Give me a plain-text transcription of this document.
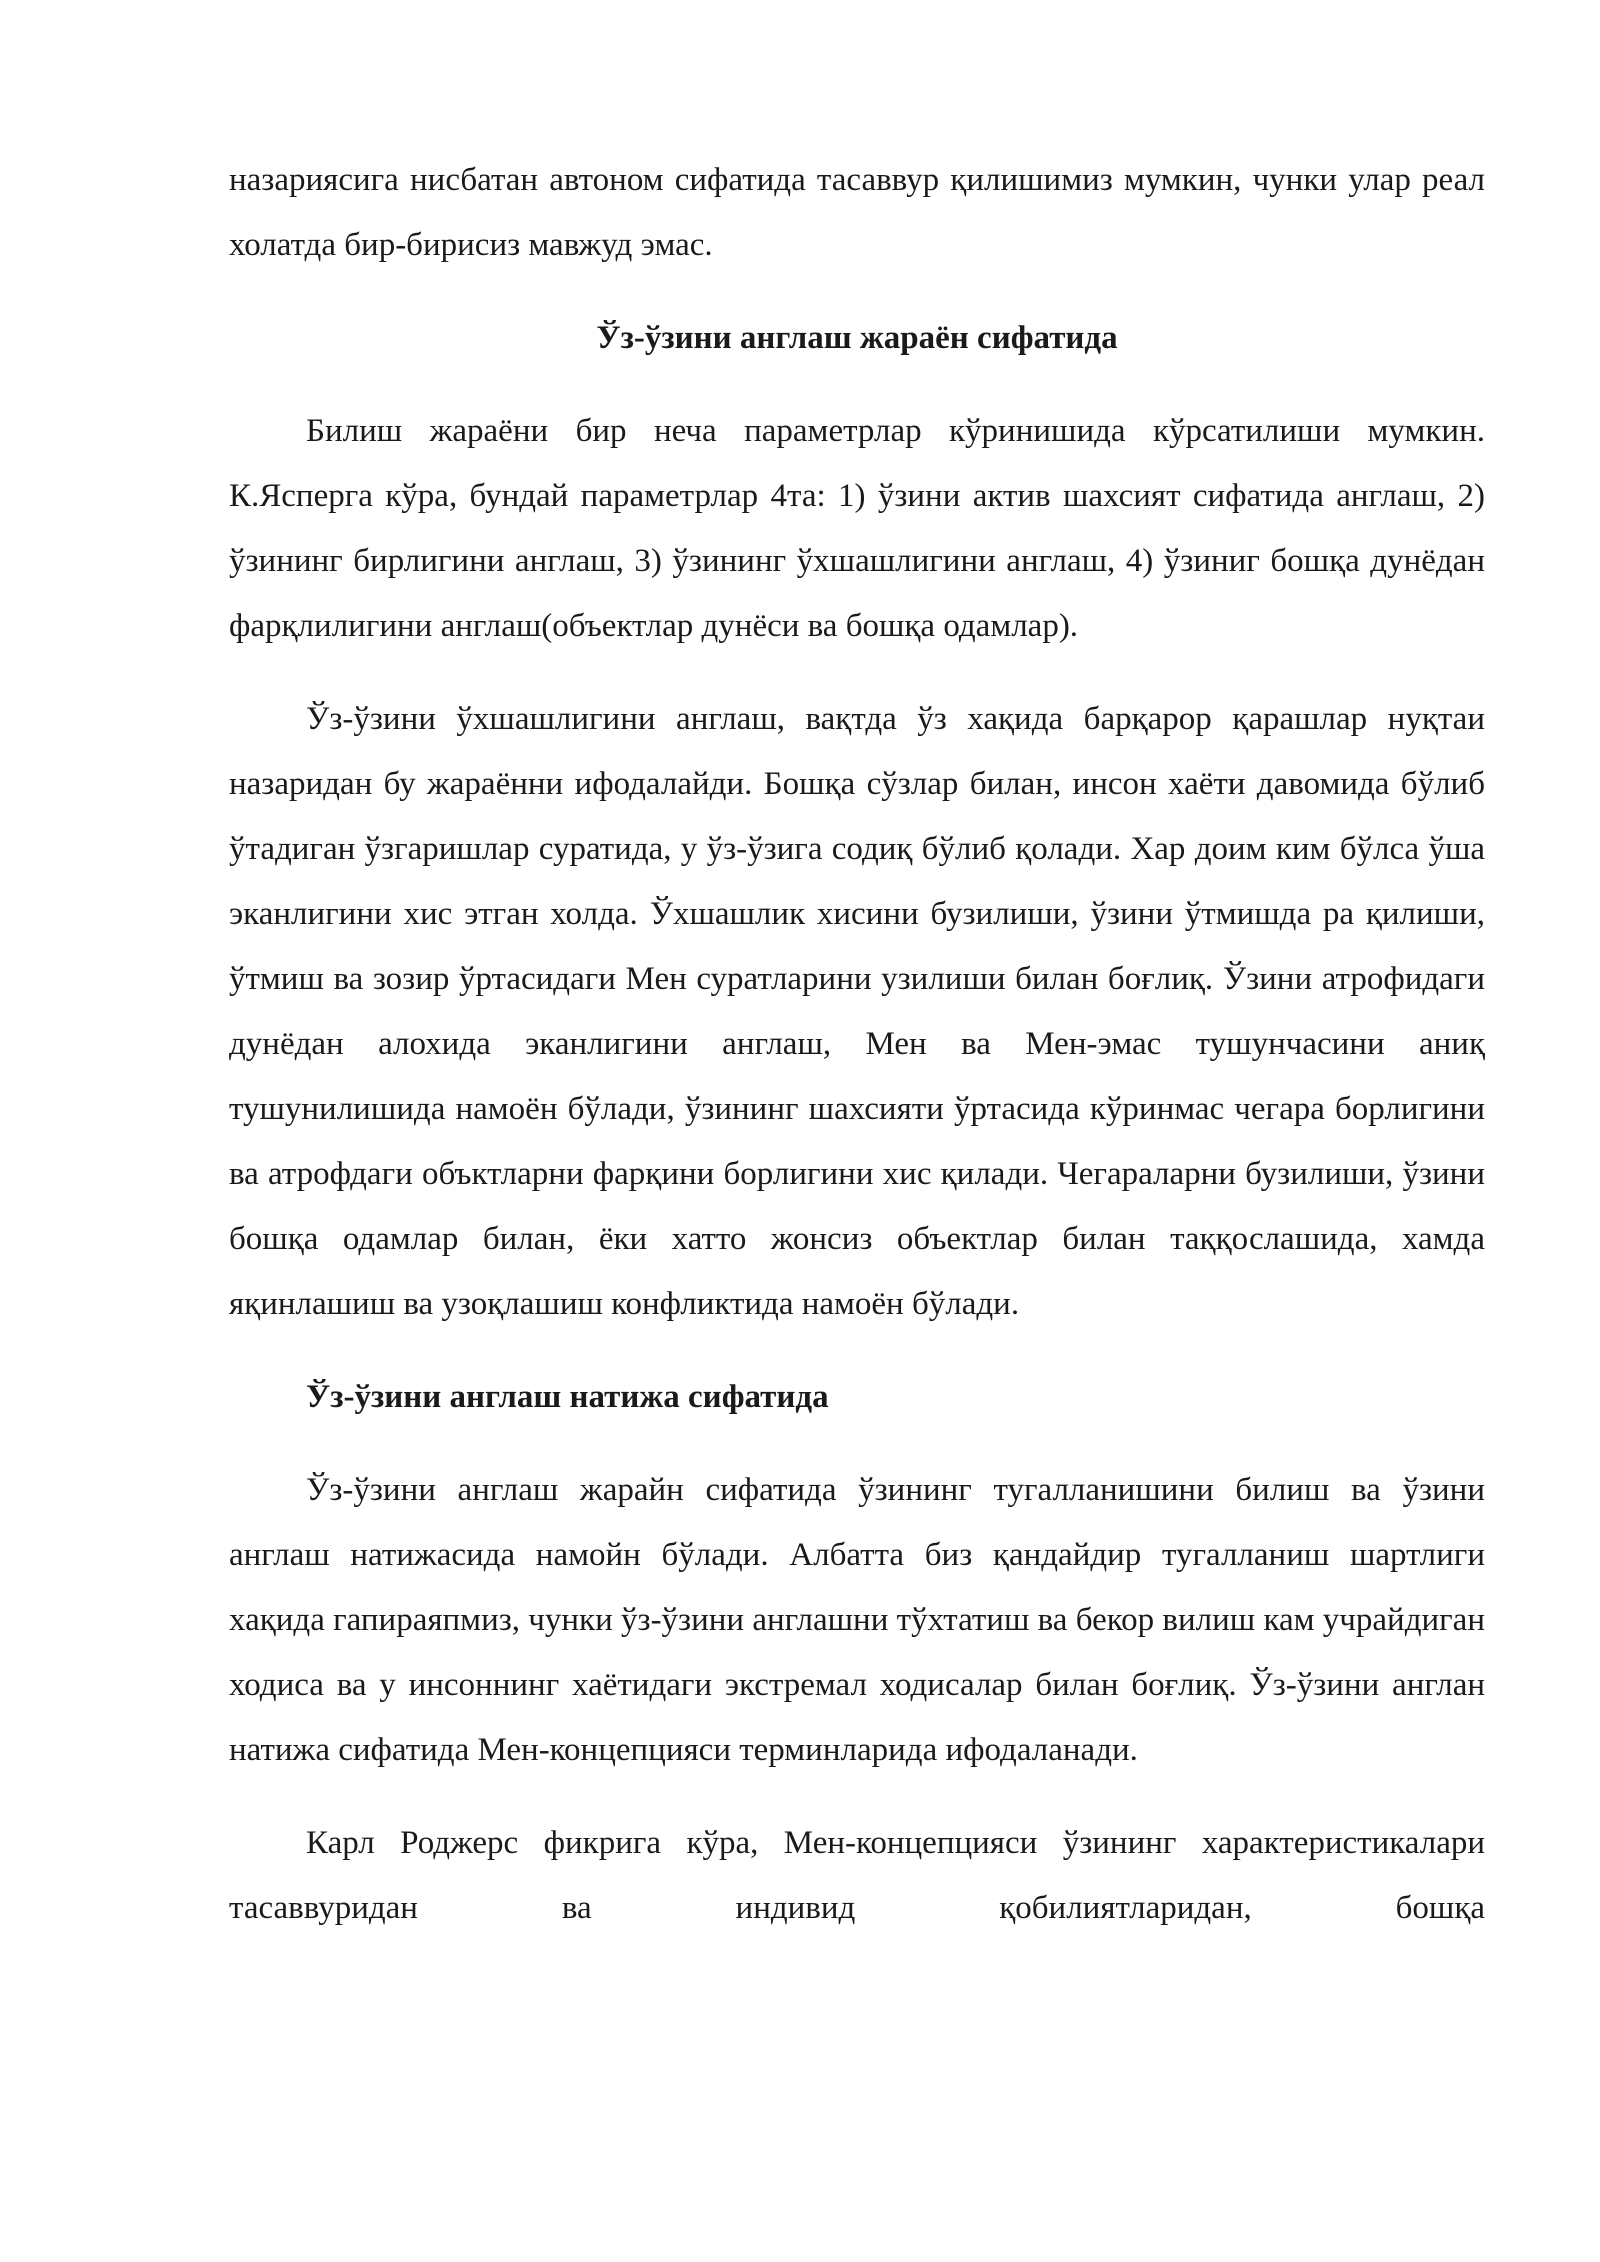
назариясига нисбатан автоном сифатида тасаввур қилишимиз мумкин, чунки улар реал холатда бир-бирисиз мавжуд эмас.

Ўз-ўзини англаш жараён сифатида

Билиш жараёни бир неча параметрлар кўринишида кўрсатилиши мумкин. К.Ясперга кўра, бундай параметрлар 4та: 1) ўзини актив шахсият сифатида англаш, 2) ўзининг бирлигини англаш, 3) ўзининг ўхшашлигини англаш, 4) ўзиниг бошқа дунёдан фарқлилигини англаш(объектлар дунёси ва бошқа одамлар).

Ўз-ўзини ўхшашлигини англаш, вақтда ўз хақида барқарор қарашлар нуқтаи назаридан бу жараённи ифодалайди. Бошқа сўзлар билан, инсон хаёти давомида бўлиб ўтадиган ўзгаришлар суратида, у ўз-ўзига содиқ бўлиб қолади. Хар доим ким бўлса ўша эканлигини хис этган холда. Ўхшашлик хисини бузилиши, ўзини ўтмишда ра қилиши, ўтмиш ва зозир ўртасидаги Мен суратларини узилиши билан боғлиқ. Ўзини атрофидаги дунёдан алохида эканлигини англаш, Мен ва Мен-эмас тушунчасини аниқ тушунилишида намоён бўлади, ўзининг шахсияти ўртасида кўринмас чегара борлигини ва атрофдаги объктларни фарқини борлигини хис қилади. Чегараларни бузилиши, ўзини бошқа одамлар билан, ёки хатто жонсиз объектлар билан таққослашида, хамда яқинлашиш ва узоқлашиш конфликтида намоён бўлади.

Ўз-ўзини англаш натижа сифатида

Ўз-ўзини англаш жарайн сифатида ўзининг тугалланишини билиш ва ўзини англаш натижасида намойн бўлади. Албатта биз қандайдир тугалланиш шартлиги хақида гапираяпмиз, чунки ўз-ўзини англашни тўхтатиш ва бекор вилиш кам учрайдиган ходиса ва у инсоннинг хаётидаги экстремал ходисалар билан боғлиқ. Ўз-ўзини англан натижа сифатида Мен-концепцияси терминларида ифодаланади.

Карл Роджерс фикрига кўра, Мен-концепцияси ўзининг характеристикалари тасаввуридан ва индивид қобилиятларидан, бошқа
